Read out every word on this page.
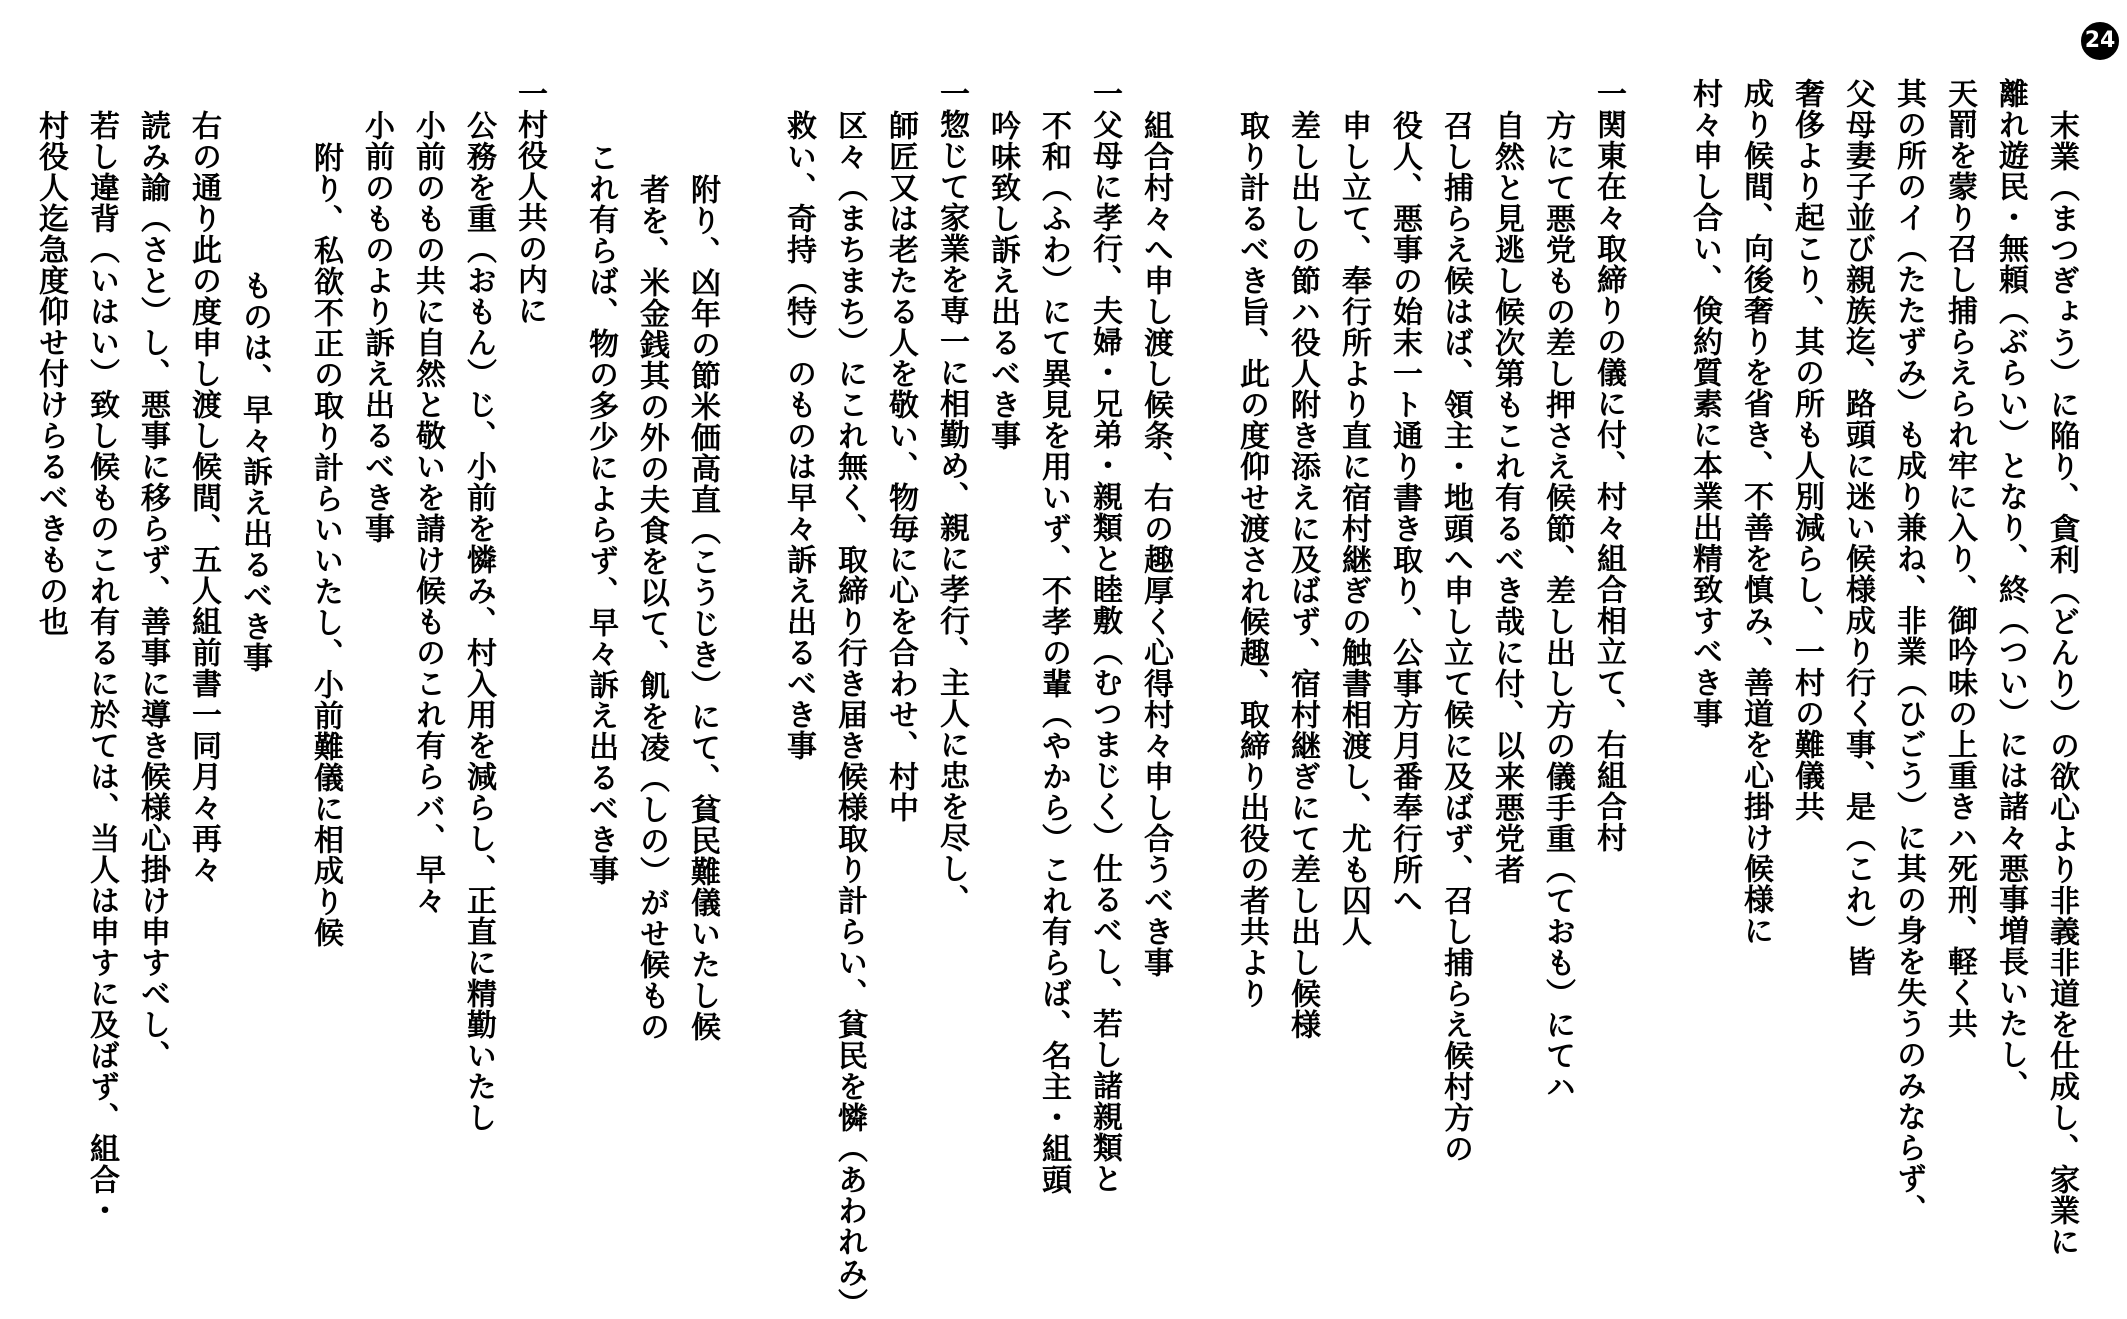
24
末業（まつぎょう）に陥り、貪利（どんり）の欲心より非義非道を仕成し、家業に
離れ遊民・無頼（ぶらい）となり、終（つい）には諸々悪事増長いたし、
天罰を蒙り召し捕らえられ牢に入り、御吟味の上重きハ死刑、軽く共
其の所のイ（たたずみ）も成り兼ね、非業（ひごう）に其の身を失うのみならず、
父母妻子並び親族迄、路頭に迷い候様成り行く事、是（これ）皆
奢侈より起こり、其の所も人別減らし、一村の難儀共
成り候間、向後奢りを省き、不善を慎み、善道を心掛け候様に
村々申し合い、倹約質素に本業出精致すべき事
一関東在々取締りの儀に付、村々組合相立て、右組合村
方にて悪党もの差し押さえ候節、差し出し方の儀手重（ておも）にてハ
自然と見逃し候次第もこれ有るべき哉に付、以来悪党者
召し捕らえ候はば、領主・地頭へ申し立て候に及ばず、召し捕らえ候村方の
役人、悪事の始末一ト通り書き取り、公事方月番奉行所へ
申し立て、奉行所より直に宿村継ぎの触書相渡し、尤も囚人
差し出しの節ハ役人附き添えに及ばず、宿村継ぎにて差し出し候様
取り計るべき旨、此の度仰せ渡され候趣、取締り出役の者共より
組合村々へ申し渡し候条、右の趣厚く心得村々申し合うべき事
一父母に孝行、夫婦・兄弟・親類と睦敷（むつまじく）仕るべし、若し諸親類と
不和（ふわ）にて異見を用いず、不孝の輩（やから）これ有らば、名主・組頭
吟味致し訴え出るべき事
一惣じて家業を専一に相勤め、親に孝行、主人に忠を尽し、
師匠又は老たる人を敬い、物毎に心を合わせ、村中
区々（まちまち）にこれ無く、取締り行き届き候様取り計らい、貧民を憐（あわれみ）
救い、奇持（特）のものは早々訴え出るべき事
附り、凶年の節米価高直（こうじき）にて、貧民難儀いたし候
者を、米金銭其の外の夫食を以て、飢を凌（しの）がせ候もの
これ有らば、物の多少によらず、早々訴え出るべき事
一村役人共の内に
公務を重（おもん）じ、小前を憐み、村入用を減らし、正直に精勤いたし
小前のもの共に自然と敬いを請け候ものこれ有らバ、早々
小前のものより訴え出るべき事
附り、私欲不正の取り計らいいたし、小前難儀に相成り候
ものは、早々訴え出るべき事
右の通り此の度申し渡し候間、五人組前書一同月々再々
読み諭（さと）し、悪事に移らず、善事に導き候様心掛け申すべし、
若し違背（いはい）致し候ものこれ有るに於ては、当人は申すに及ばず、組合・
村役人迄急度仰せ付けらるべきもの也
